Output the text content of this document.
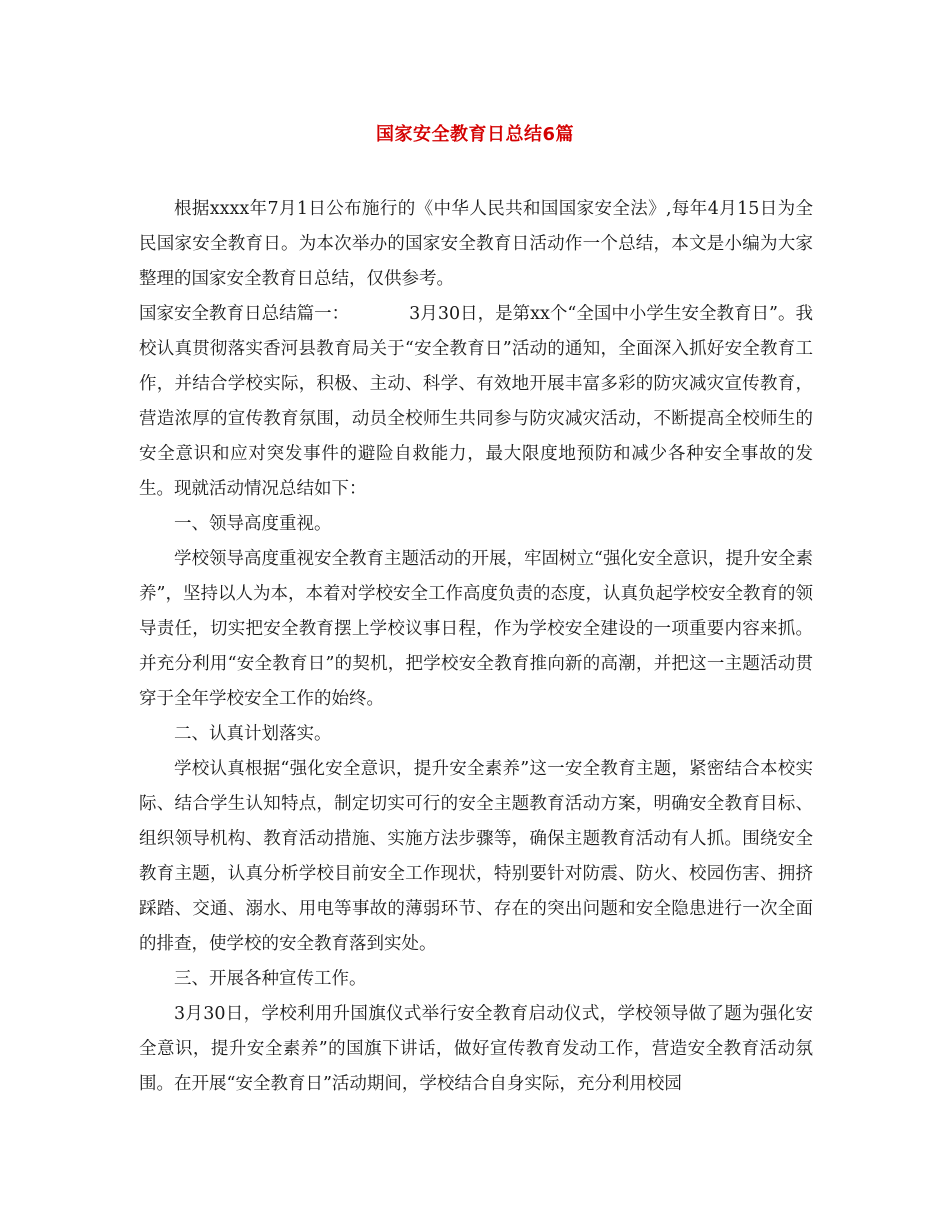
国家安全教育日总结6篇

根据xxxx年7月1日公布施行的《中华人民共和国国家安全法》,每年4月15日为全民国家安全教育日。为本次举办的国家安全教育日活动作一个总结，本文是小编为大家整理的国家安全教育日总结，仅供参考。

国家安全教育日总结篇一：	3月30日，是第xx个“全国中小学生安全教育日”。我校认真贯彻落实香河县教育局关于“安全教育日”活动的通知，全面深入抓好安全教育工作，并结合学校实际，积极、主动、科学、有效地开展丰富多彩的防灾减灾宣传教育，营造浓厚的宣传教育氛围，动员全校师生共同参与防灾减灾活动，不断提高全校师生的安全意识和应对突发事件的避险自救能力，最大限度地预防和减少各种安全事故的发生。现就活动情况总结如下：

一、领导高度重视。

学校领导高度重视安全教育主题活动的开展，牢固树立“强化安全意识，提升安全素养”，坚持以人为本，本着对学校安全工作高度负责的态度，认真负起学校安全教育的领导责任，切实把安全教育摆上学校议事日程，作为学校安全建设的一项重要内容来抓。并充分利用“安全教育日”的契机，把学校安全教育推向新的高潮，并把这一主题活动贯穿于全年学校安全工作的始终。

二、认真计划落实。

学校认真根据“强化安全意识，提升安全素养”这一安全教育主题，紧密结合本校实际、结合学生认知特点，制定切实可行的安全主题教育活动方案，明确安全教育目标、组织领导机构、教育活动措施、实施方法步骤等，确保主题教育活动有人抓。围绕安全教育主题，认真分析学校目前安全工作现状，特别要针对防震、防火、校园伤害、拥挤踩踏、交通、溺水、用电等事故的薄弱环节、存在的突出问题和安全隐患进行一次全面的排查，使学校的安全教育落到实处。

三、开展各种宣传工作。

3月30日，学校利用升国旗仪式举行安全教育启动仪式，学校领导做了题为强化安全意识，提升安全素养”的国旗下讲话，做好宣传教育发动工作，营造安全教育活动氛围。在开展“安全教育日”活动期间，学校结合自身实际，充分利用校园
